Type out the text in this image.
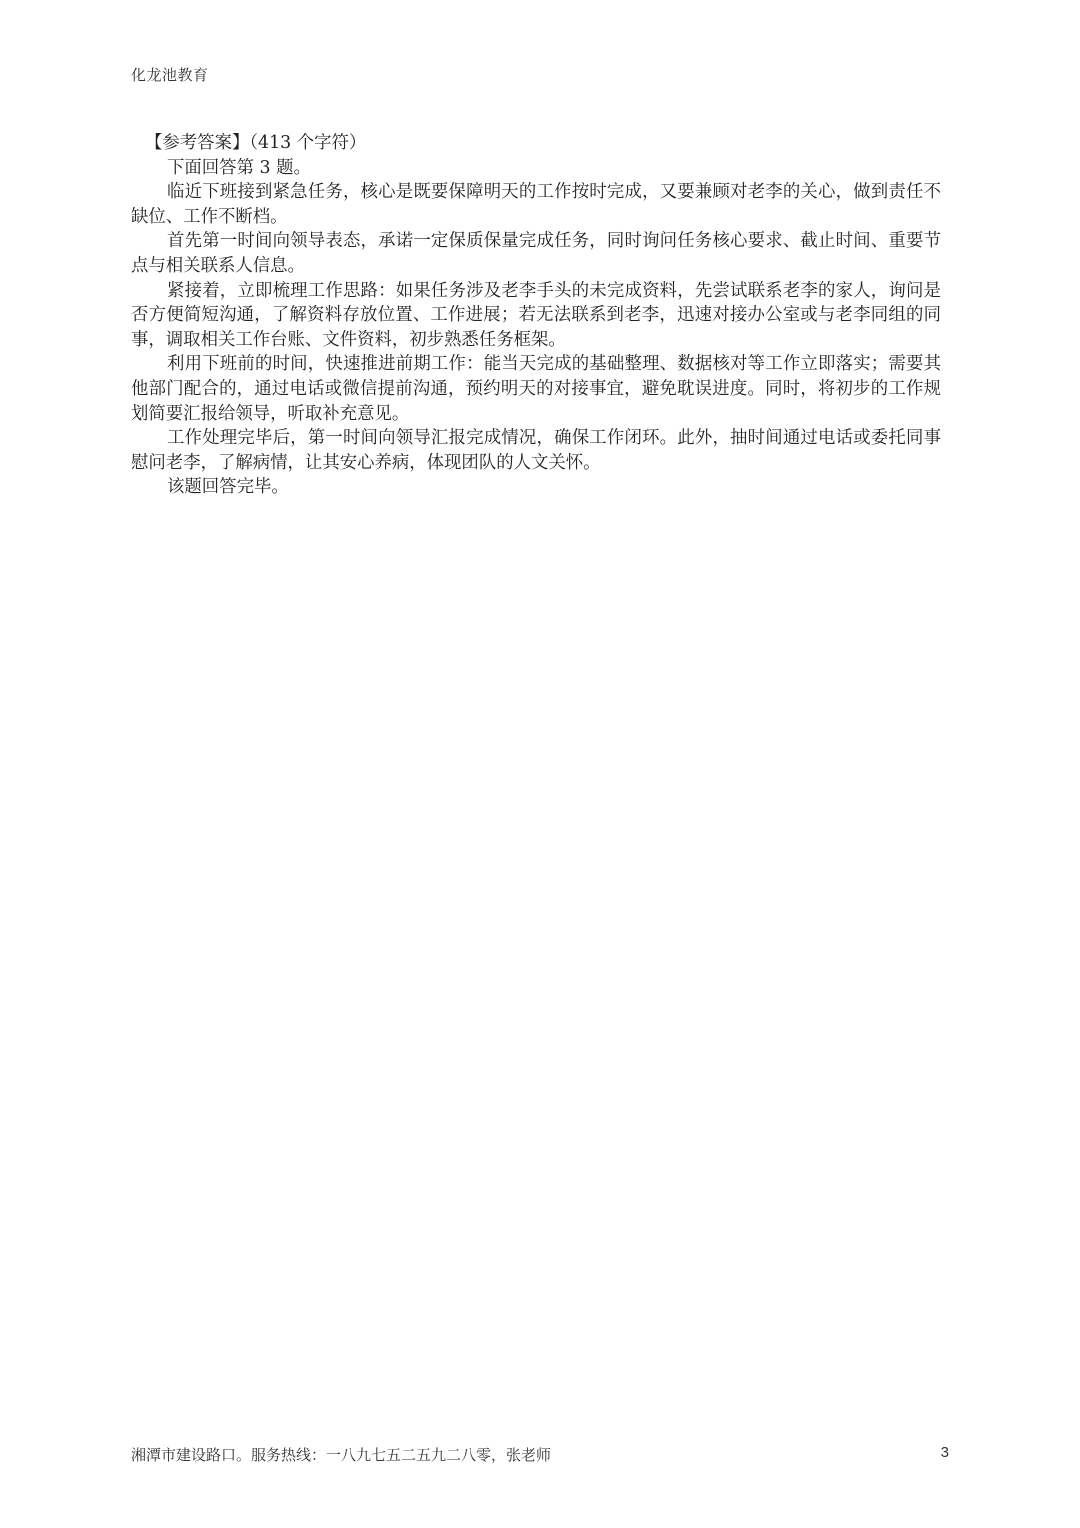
化龙池教育

【参考答案】（413 个字符）

下面回答第 3 题。

临近下班接到紧急任务，核心是既要保障明天的工作按时完成，又要兼顾对老李的关心，做到责任不缺位、工作不断档。

首先第一时间向领导表态，承诺一定保质保量完成任务，同时询问任务核心要求、截止时间、重要节点与相关联系人信息。

紧接着，立即梳理工作思路：如果任务涉及老李手头的未完成资料，先尝试联系老李的家人，询问是否方便简短沟通，了解资料存放位置、工作进展；若无法联系到老李，迅速对接办公室或与老李同组的同事，调取相关工作台账、文件资料，初步熟悉任务框架。

利用下班前的时间，快速推进前期工作：能当天完成的基础整理、数据核对等工作立即落实；需要其他部门配合的，通过电话或微信提前沟通，预约明天的对接事宜，避免耽误进度。同时，将初步的工作规划简要汇报给领导，听取补充意见。

工作处理完毕后，第一时间向领导汇报完成情况，确保工作闭环。此外，抽时间通过电话或委托同事慰问老李，了解病情，让其安心养病，体现团队的人文关怀。

该题回答完毕。

湘潭市建设路口。服务热线：一八九七五二五九二八零，张老师	3
